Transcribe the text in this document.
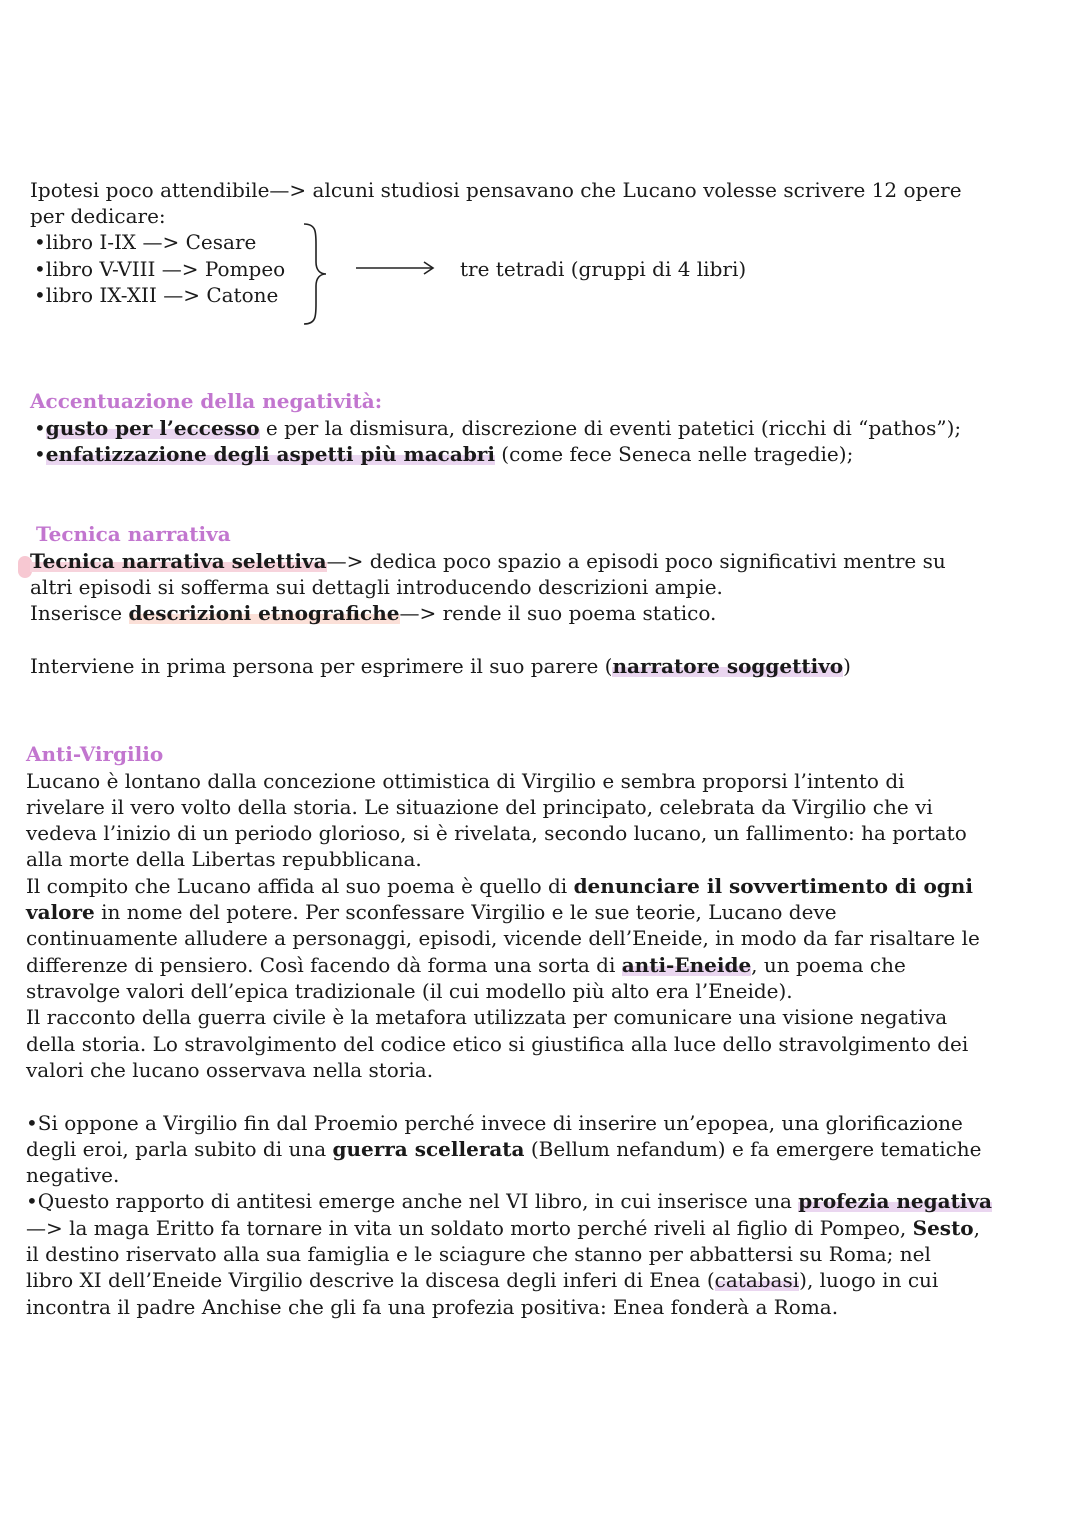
Ipotesi poco attendibile—> alcuni studiosi pensavano che Lucano volesse scrivere 12 opere
per dedicare:
•libro I-IX —> Cesare
•libro V-VIII —> Pompeo
•libro IX-XII —> Catone
tre tetradi (gruppi di 4 libri)
Accentuazione della negatività:
•gusto per l’eccesso e per la dismisura, discrezione di eventi patetici (ricchi di “pathos”);
•enfatizzazione degli aspetti più macabri (come fece Seneca nelle tragedie);
Tecnica narrativa
Tecnica narrativa selettiva—> dedica poco spazio a episodi poco significativi mentre su
altri episodi si sofferma sui dettagli introducendo descrizioni ampie.
Inserisce descrizioni etnografiche—> rende il suo poema statico.
Interviene in prima persona per esprimere il suo parere (narratore soggettivo)
Anti-Virgilio
Lucano è lontano dalla concezione ottimistica di Virgilio e sembra proporsi l’intento di
rivelare il vero volto della storia. Le situazione del principato, celebrata da Virgilio che vi
vedeva l’inizio di un periodo glorioso, si è rivelata, secondo lucano, un fallimento: ha portato
alla morte della Libertas repubblicana.
Il compito che Lucano affida al suo poema è quello di denunciare il sovvertimento di ogni
valore in nome del potere. Per sconfessare Virgilio e le sue teorie, Lucano deve
continuamente alludere a personaggi, episodi, vicende dell’Eneide, in modo da far risaltare le
differenze di pensiero. Così facendo dà forma una sorta di anti-Eneide, un poema che
stravolge valori dell’epica tradizionale (il cui modello più alto era l’Eneide).
Il racconto della guerra civile è la metafora utilizzata per comunicare una visione negativa
della storia. Lo stravolgimento del codice etico si giustifica alla luce dello stravolgimento dei
valori che lucano osservava nella storia.
•Si oppone a Virgilio fin dal Proemio perché invece di inserire un’epopea, una glorificazione
degli eroi, parla subito di una guerra scellerata (Bellum nefandum) e fa emergere tematiche
negative.
•Questo rapporto di antitesi emerge anche nel VI libro, in cui inserisce una profezia negativa
—> la maga Eritto fa tornare in vita un soldato morto perché riveli al figlio di Pompeo, Sesto,
il destino riservato alla sua famiglia e le sciagure che stanno per abbattersi su Roma; nel
libro XI dell’Eneide Virgilio descrive la discesa degli inferi di Enea (catabasi), luogo in cui
incontra il padre Anchise che gli fa una profezia positiva: Enea fonderà a Roma.
